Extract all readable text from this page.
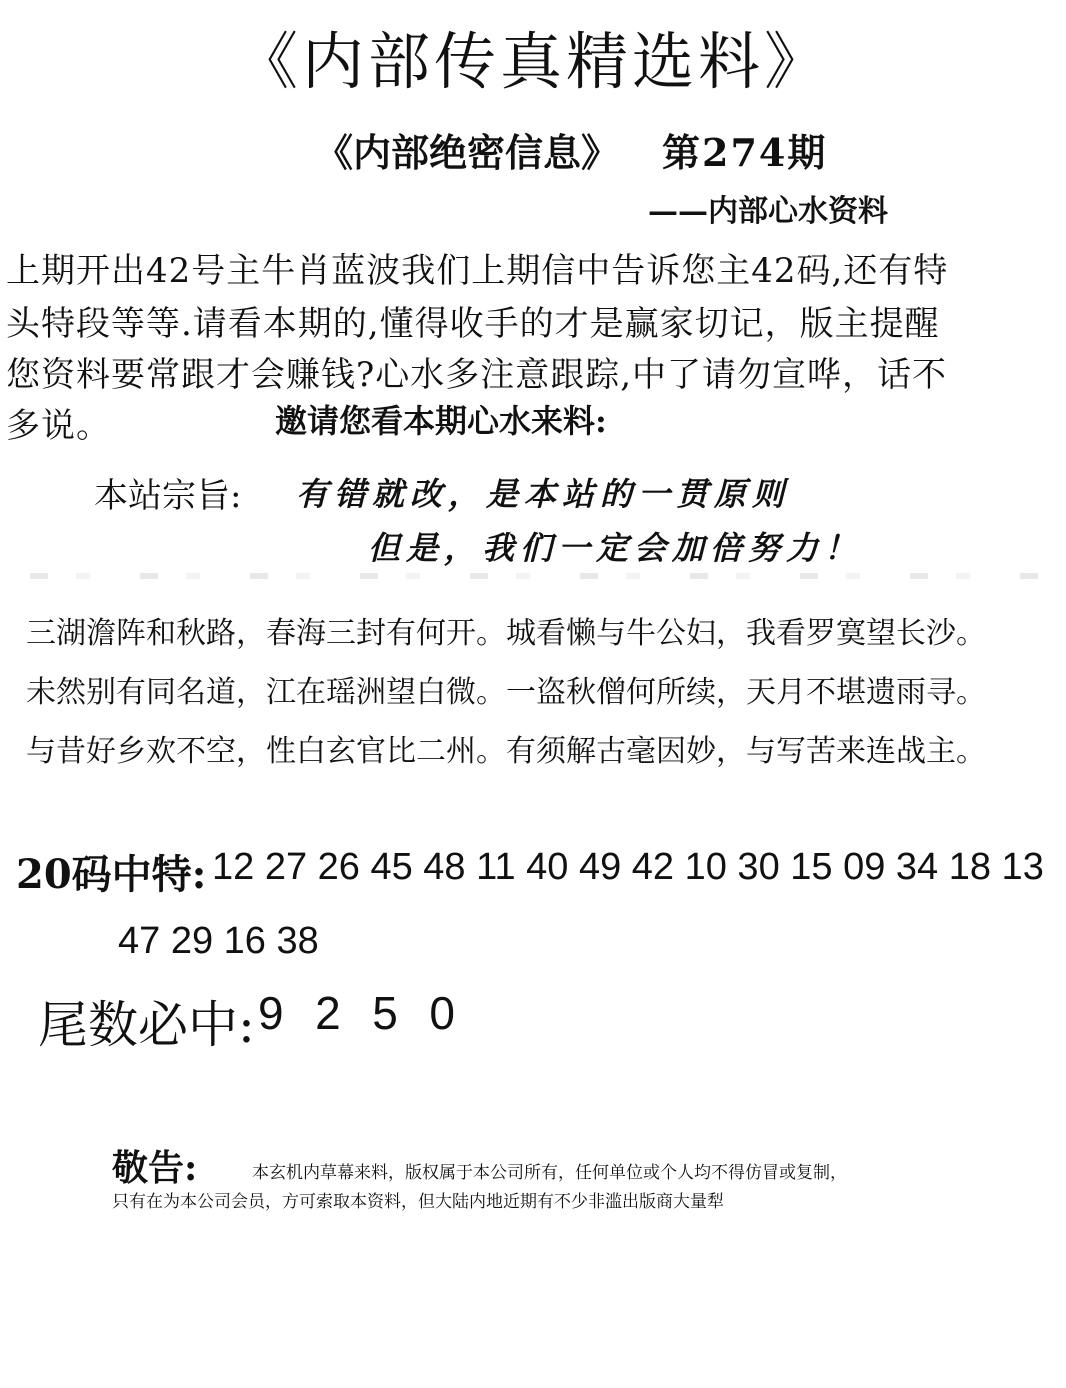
《内部传真精选料》
《内部绝密信息》 第274期
——内部心水资料
上期开出42号主牛肖蓝波我们上期信中告诉您主42码,还有特
头特段等等.请看本期的,懂得收手的才是赢家切记，版主提醒
您资料要常跟才会赚钱?心水多注意跟踪,中了请勿宣哗，话不
多说。	邀请您看本期心水来料:
本站宗旨: 有错就改，是本站的一贯原则
但是，我们一定会加倍努力！
三湖澹阵和秋路，春海三封有何开。城看懒与牛公妇，我看罗寞望长沙。
未然别有同名道，江在瑶洲望白微。一盗秋僧何所续，天月不堪遗雨寻。
与昔好乡欢不空，性白玄官比二州。有须解古毫因妙，与写苦来连战主。
20码中特: 12 27 26 45 48 11 40 49 42 10 30 15 09 34 18 13
47 29 16 38
尾数必中: 9  2  5  0
敬告:	本玄机内草幕来料，版权属于本公司所有，任何单位或个人均不得仿冒或复制，
只有在为本公司会员，方可索取本资料，但大陆内地近期有不少非滥出版商大量犁
